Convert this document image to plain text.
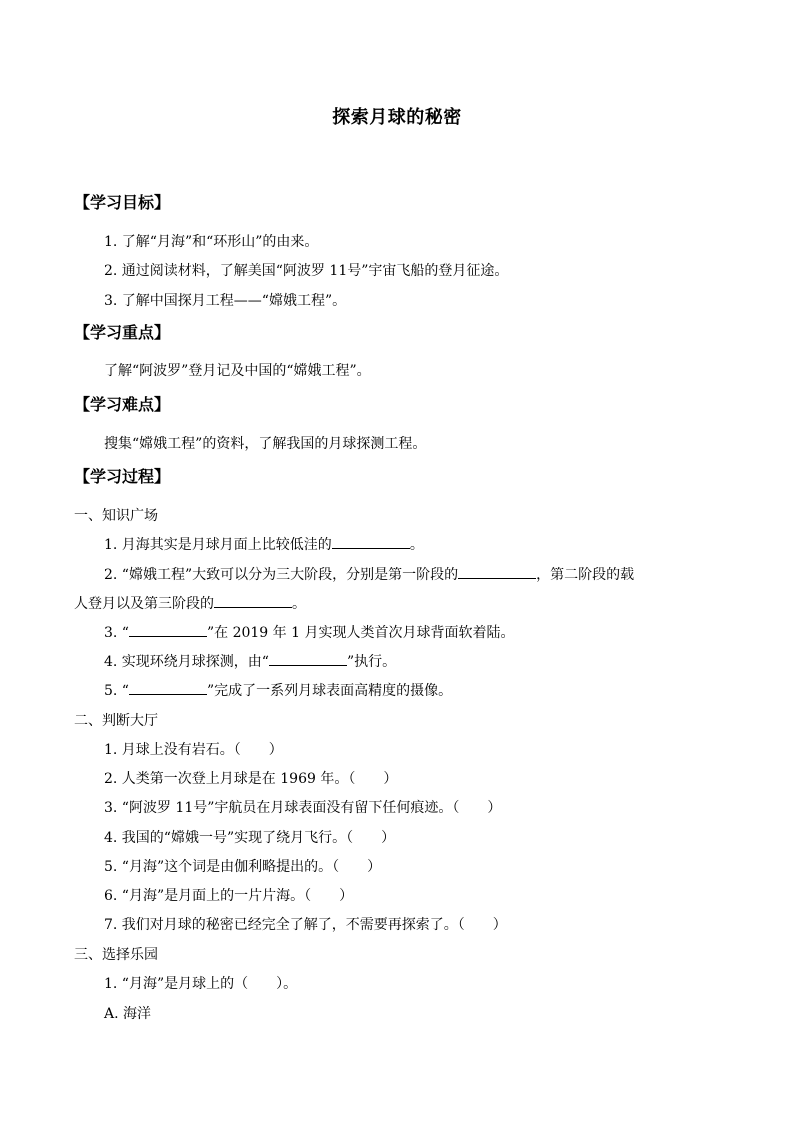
探索月球的秘密
【学习目标】
1. 了解“月海”和“环形山”的由来。
2. 通过阅读材料，了解美国“阿波罗 11号”宇宙飞船的登月征途。
3. 了解中国探月工程——“嫦娥工程”。
【学习重点】
了解“阿波罗”登月记及中国的“嫦娥工程”。
【学习难点】
搜集“嫦娥工程”的资料，了解我国的月球探测工程。
【学习过程】
一、知识广场
1. 月海其实是月球月面上比较低洼的	。
2. “嫦娥工程”大致可以分为三大阶段，分别是第一阶段的	，第二阶段的载
人登月以及第三阶段的	。
3. “	”在 2019 年 1 月实现人类首次月球背面软着陆。
4. 实现环绕月球探测，由“	”执行。
5. “	”完成了一系列月球表面高精度的摄像。
二、判断大厅
1. 月球上没有岩石。（　　）
2. 人类第一次登上月球是在 1969 年。（　　）
3. “阿波罗 11号”宇航员在月球表面没有留下任何痕迹。（　　）
4. 我国的“嫦娥一号”实现了绕月飞行。（　　）
5. “月海”这个词是由伽利略提出的。（　　）
6. “月海”是月面上的一片片海。（　　）
7. 我们对月球的秘密已经完全了解了，不需要再探索了。（　　）
三、选择乐园
1. “月海”是月球上的（　　）。
A. 海洋
